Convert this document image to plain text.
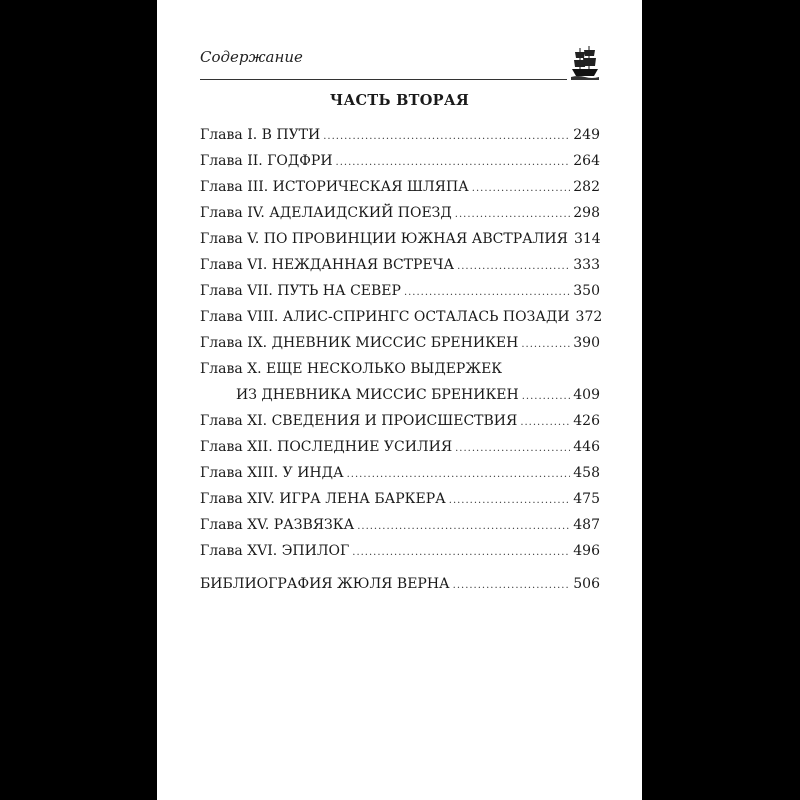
Содержание
ЧАСТЬ ВТОРАЯ
Глава I. В ПУТИ .....	249
Глава II. ГОДФРИ .....	264
Глава III. ИСТОРИЧЕСКАЯ ШЛЯПА .....	282
Глава IV. АДЕЛАИДСКИЙ ПОЕЗД .....	298
Глава V. ПО ПРОВИНЦИИ ЮЖНАЯ АВСТРАЛИЯ 314
Глава VI. НЕЖДАННАЯ ВСТРЕЧА .....	333
Глава VII. ПУТЬ НА СЕВЕР .....	350
Глава VIII. АЛИС-СПРИНГС ОСТАЛАСЬ ПОЗАДИ 372
Глава IX. ДНЕВНИК МИССИС БРЕНИКЕН .....	390
Глава X. ЕЩЕ НЕСКОЛЬКО ВЫДЕРЖЕК
ИЗ ДНЕВНИКА МИССИС БРЕНИКЕН .....	409
Глава XI. СВЕДЕНИЯ И ПРОИСШЕСТВИЯ .....	426
Глава XII. ПОСЛЕДНИЕ УСИЛИЯ .....	446
Глава XIII. У ИНДА .....	458
Глава XIV. ИГРА ЛЕНА БАРКЕРА .....	475
Глава XV. РАЗВЯЗКА .....	487
Глава XVI. ЭПИЛОГ .....	496
БИБЛИОГРАФИЯ ЖЮЛЯ ВЕРНА .....	506
